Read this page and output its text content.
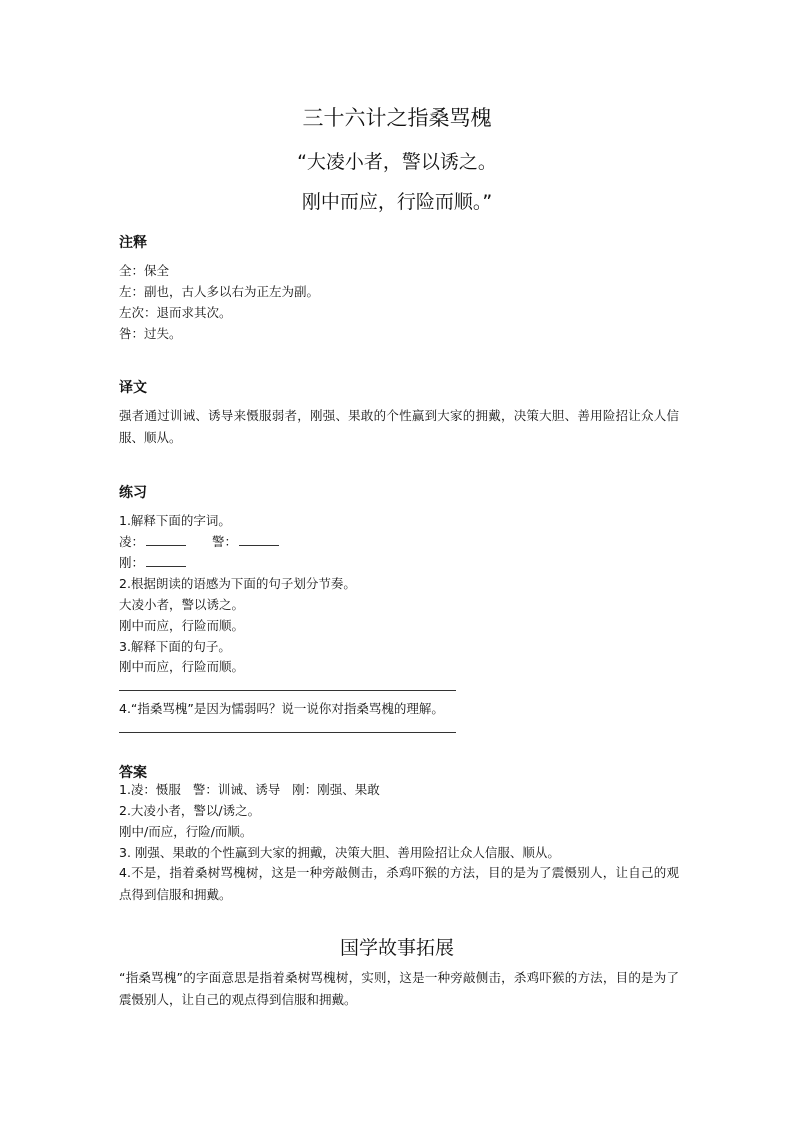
三十六计之指桑骂槐
“大凌小者，警以诱之。
刚中而应，行险而顺。”
注释
全：保全
左：副也，古人多以右为正左为副。
左次：退而求其次。
咎：过失。
译文
强者通过训诫、诱导来慑服弱者，刚强、果敢的个性赢到大家的拥戴，决策大胆、善用险招让众人信服、顺从。
练习
1.解释下面的字词。
凌：	警：
刚：
2.根据朗读的语感为下面的句子划分节奏。
大凌小者，警以诱之。
刚中而应，行险而顺。
3.解释下面的句子。
刚中而应，行险而顺。
4.“指桑骂槐”是因为懦弱吗？说一说你对指桑骂槐的理解。
答案
1.凌：慑服   警：训诫、诱导   刚：刚强、果敢
2.大凌小者，警以/诱之。
刚中/而应，行险/而顺。
3. 刚强、果敢的个性赢到大家的拥戴，决策大胆、善用险招让众人信服、顺从。
4.不是，指着桑树骂槐树，这是一种旁敲侧击，杀鸡吓猴的方法，目的是为了震慑别人，让自己的观点得到信服和拥戴。
国学故事拓展
“指桑骂槐”的字面意思是指着桑树骂槐树，实则，这是一种旁敲侧击，杀鸡吓猴的方法，目的是为了震慑别人，让自己的观点得到信服和拥戴。
